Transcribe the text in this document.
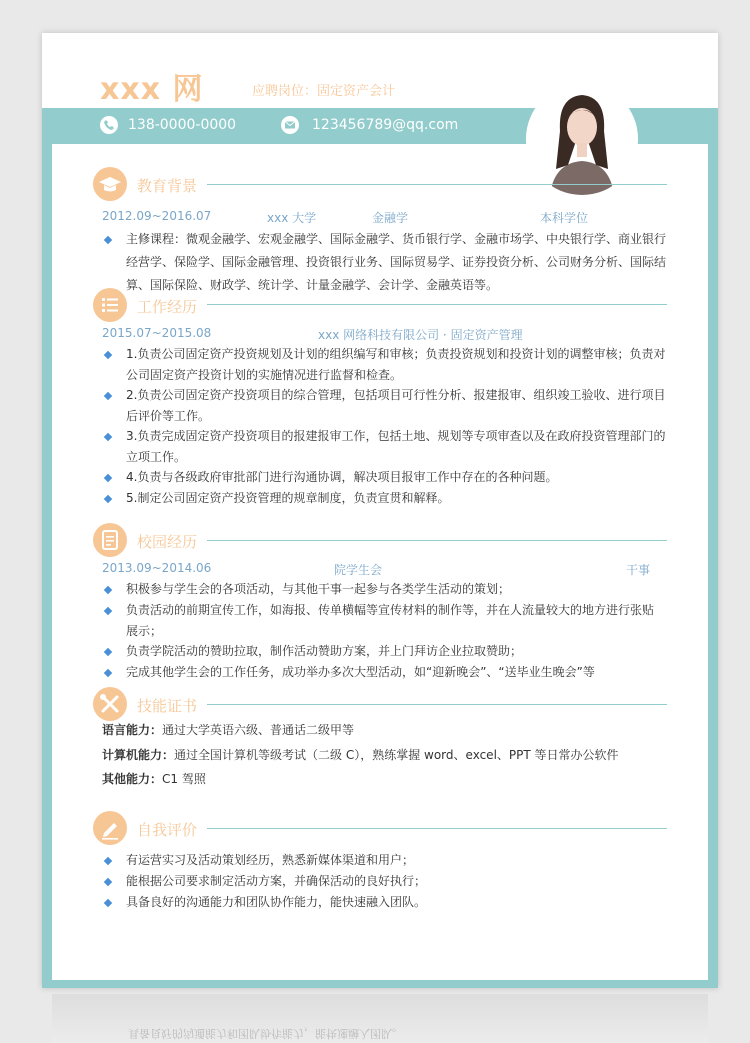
具备良好的沟通能力和团队协作能力，能快速融入团队。
xxx 网	应聘岗位：固定资产会计
138-0000-0000	123456789@qq.com
教育背景
2012.09~2016.07	xxx 大学	金融学	本科学位
主修课程：微观金融学、宏观金融学、国际金融学、货币银行学、金融市场学、中央银行学、商业银行
经营学、保险学、国际金融管理、投资银行业务、国际贸易学、证券投资分析、公司财务分析、国际结
算、国际保险、财政学、统计学、计量金融学、会计学、金融英语等。
工作经历
2015.07~2015.08	xxx 网络科技有限公司 · 固定资产管理
1.负责公司固定资产投资规划及计划的组织编写和审核；负责投资规划和投资计划的调整审核；负责对
公司固定资产投资计划的实施情况进行监督和检查。
2.负责公司固定资产投资项目的综合管理，包括项目可行性分析、报建报审、组织竣工验收、进行项目
后评价等工作。
3.负责完成固定资产投资项目的报建报审工作，包括土地、规划等专项审查以及在政府投资管理部门的
立项工作。
4.负责与各级政府审批部门进行沟通协调，解决项目报审工作中存在的各种问题。
5.制定公司固定资产投资管理的规章制度，负责宣贯和解释。
校园经历
2013.09~2014.06	院学生会	干事
积极参与学生会的各项活动，与其他干事一起参与各类学生活动的策划；
负责活动的前期宣传工作，如海报、传单横幅等宣传材料的制作等，并在人流量较大的地方进行张贴
展示；
负责学院活动的赞助拉取，制作活动赞助方案，并上门拜访企业拉取赞助；
完成其他学生会的工作任务，成功举办多次大型活动，如“迎新晚会”、“送毕业生晚会”等
技能证书
语言能力：通过大学英语六级、普通话二级甲等
计算机能力：通过全国计算机等级考试（二级 C），熟练掌握 word、excel、PPT 等日常办公软件
其他能力：C1 驾照
自我评价
有运营实习及活动策划经历，熟悉新媒体渠道和用户；
能根据公司要求制定活动方案，并确保活动的良好执行；
具备良好的沟通能力和团队协作能力，能快速融入团队。
